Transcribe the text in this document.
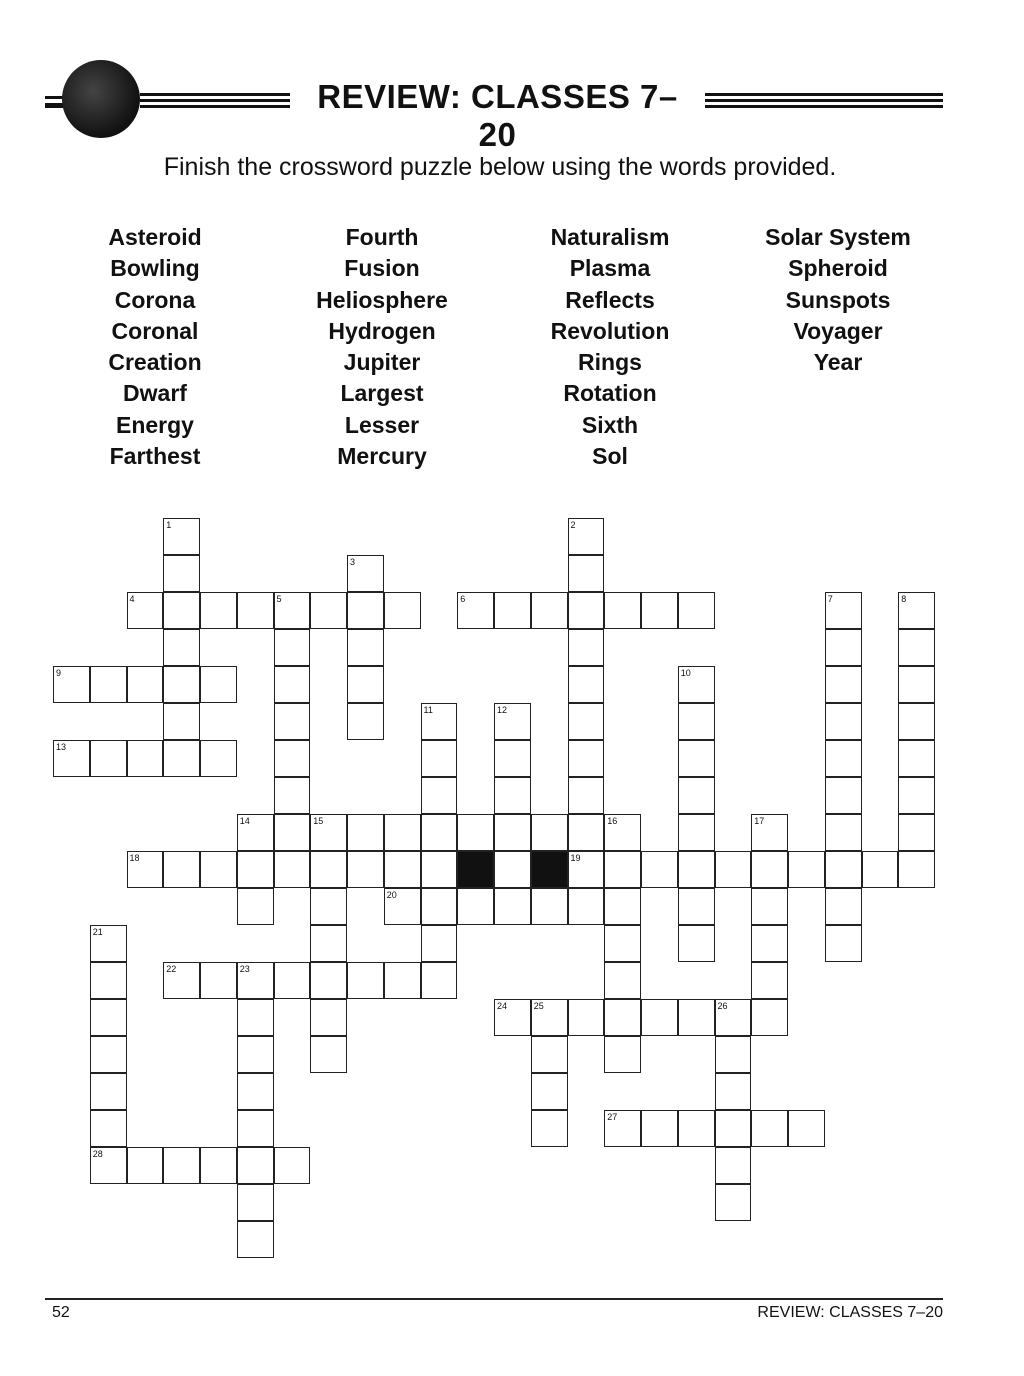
REVIEW: CLASSES 7–20
Finish the crossword puzzle below using the words provided.
Asteroid
Bowling
Corona
Coronal
Creation
Dwarf
Energy
Farthest
Fourth
Fusion
Heliosphere
Hydrogen
Jupiter
Largest
Lesser
Mercury
Naturalism
Plasma
Reflects
Revolution
Rings
Rotation
Sixth
Sol
Solar System
Spheroid
Sunspots
Voyager
Year
1	2
19
3
4	5	6	7	8
9	10
11	12
13
14	15	16	17
18
20
21
28
22	23
24	25	26
27
52	REVIEW: CLASSES 7–20
